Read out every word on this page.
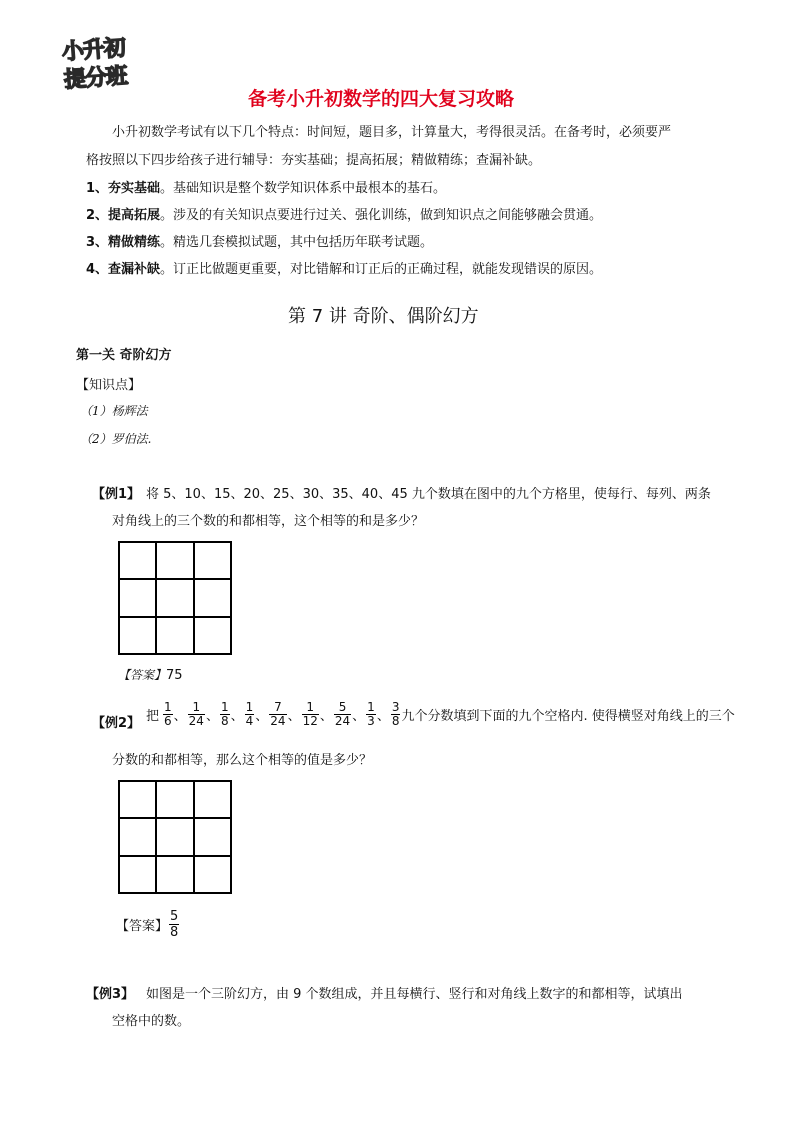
小升初
提分班
备考小升初数学的四大复习攻略
小升初数学考试有以下几个特点：时间短，题目多，计算量大，考得很灵活。在备考时，必须要严
格按照以下四步给孩子进行辅导：夯实基础；提高拓展；精做精练；查漏补缺。
1、夯实基础。基础知识是整个数学知识体系中最根本的基石。
2、提高拓展。涉及的有关知识点要进行过关、强化训练，做到知识点之间能够融会贯通。
3、精做精练。精选几套模拟试题，其中包括历年联考试题。
4、查漏补缺。订正比做题更重要，对比错解和订正后的正确过程，就能发现错误的原因。
第 7 讲 奇阶、偶阶幻方
第一关 奇阶幻方
【知识点】
（1）杨辉法
（2）罗伯法.
【例1】 将 5、10、15、20、25、30、35、40、45 九个数填在图中的九个方格里，使每行、每列、两条
对角线上的三个数的和都相等，这个相等的和是多少？
【答案】75
【例2】 把 $\frac{1}{6}$ 、 $\frac{1}{24}$ 、 $\frac{1}{8}$ 、 $\frac{1}{4}$ 、 $\frac{7}{24}$ 、 $\frac{1}{12}$ 、 $\frac{5}{24}$ 、 $\frac{1}{3}$ 、 $\frac{3}{8}$ 九个分数填到下面的九个空格内. 使得横竖对角线上的三个
分数的和都相等，那么这个相等的值是多少？
【答案】 $\frac{5}{8}$
【例3】 如图是一个三阶幻方，由 9 个数组成，并且每横行、竖行和对角线上数字的和都相等，试填出
空格中的数。
